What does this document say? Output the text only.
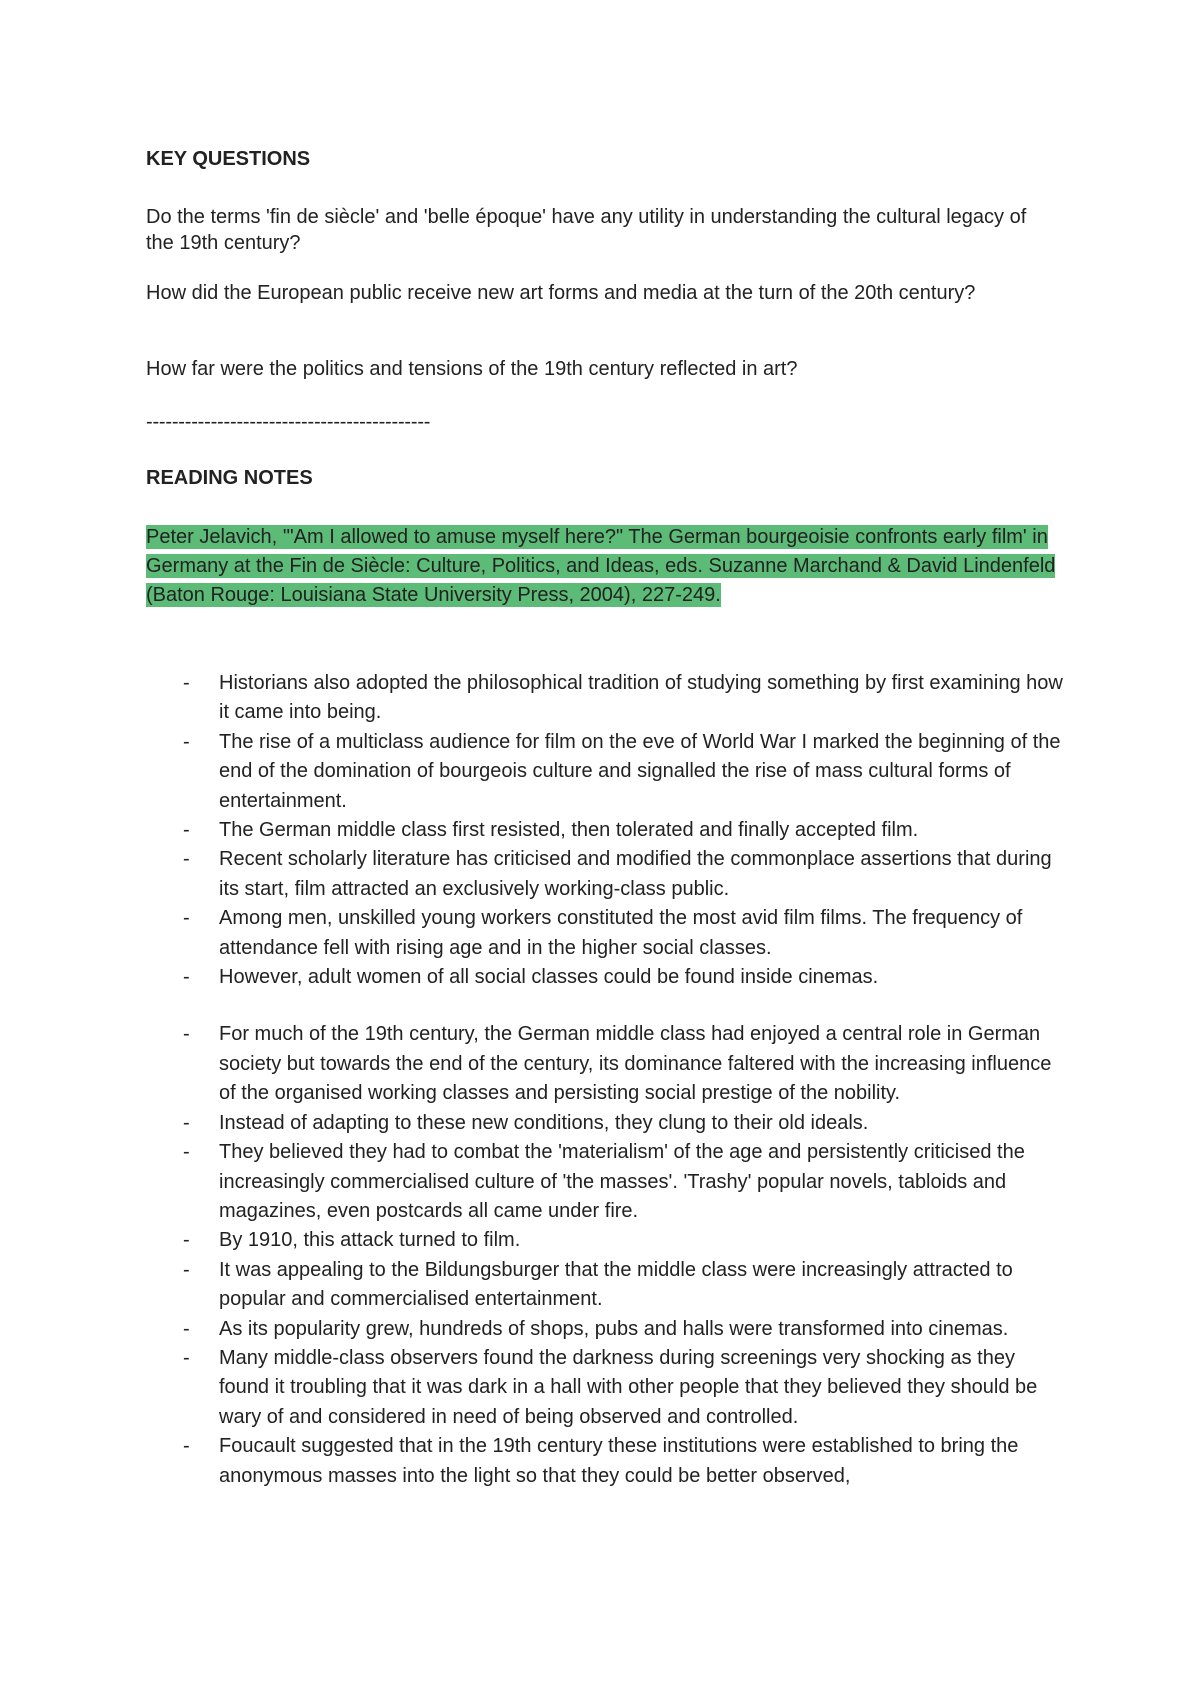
KEY QUESTIONS

Do the terms 'fin de siècle' and 'belle époque' have any utility in understanding the cultural legacy of the 19th century?

How did the European public receive new art forms and media at the turn of the 20th century?

How far were the politics and tensions of the 19th century reflected in art?

--------------------------------------------
READING NOTES

Peter Jelavich, '"Am I allowed to amuse myself here?" The German bourgeoisie confronts early film' in Germany at the Fin de Siècle: Culture, Politics, and Ideas, eds. Suzanne Marchand & David Lindenfeld (Baton Rouge: Louisiana State University Press, 2004), 227-249.

- Historians also adopted the philosophical tradition of studying something by first examining how it came into being.
- The rise of a multiclass audience for film on the eve of World War I marked the beginning of the end of the domination of bourgeois culture and signalled the rise of mass cultural forms of entertainment.
- The German middle class first resisted, then tolerated and finally accepted film.
- Recent scholarly literature has criticised and modified the commonplace assertions that during its start, film attracted an exclusively working-class public.
- Among men, unskilled young workers constituted the most avid film films. The frequency of attendance fell with rising age and in the higher social classes.
- However, adult women of all social classes could be found inside cinemas.
- For much of the 19th century, the German middle class had enjoyed a central role in German society but towards the end of the century, its dominance faltered with the increasing influence of the organised working classes and persisting social prestige of the nobility.
- Instead of adapting to these new conditions, they clung to their old ideals.
- They believed they had to combat the 'materialism' of the age and persistently criticised the increasingly commercialised culture of 'the masses'. 'Trashy' popular novels, tabloids and magazines, even postcards all came under fire.
- By 1910, this attack turned to film.
- It was appealing to the Bildungsburger that the middle class were increasingly attracted to popular and commercialised entertainment.
- As its popularity grew, hundreds of shops, pubs and halls were transformed into cinemas.
- Many middle-class observers found the darkness during screenings very shocking as they found it troubling that it was dark in a hall with other people that they believed they should be wary of and considered in need of being observed and controlled.
- Foucault suggested that in the 19th century these institutions were established to bring the anonymous masses into the light so that they could be better observed,
